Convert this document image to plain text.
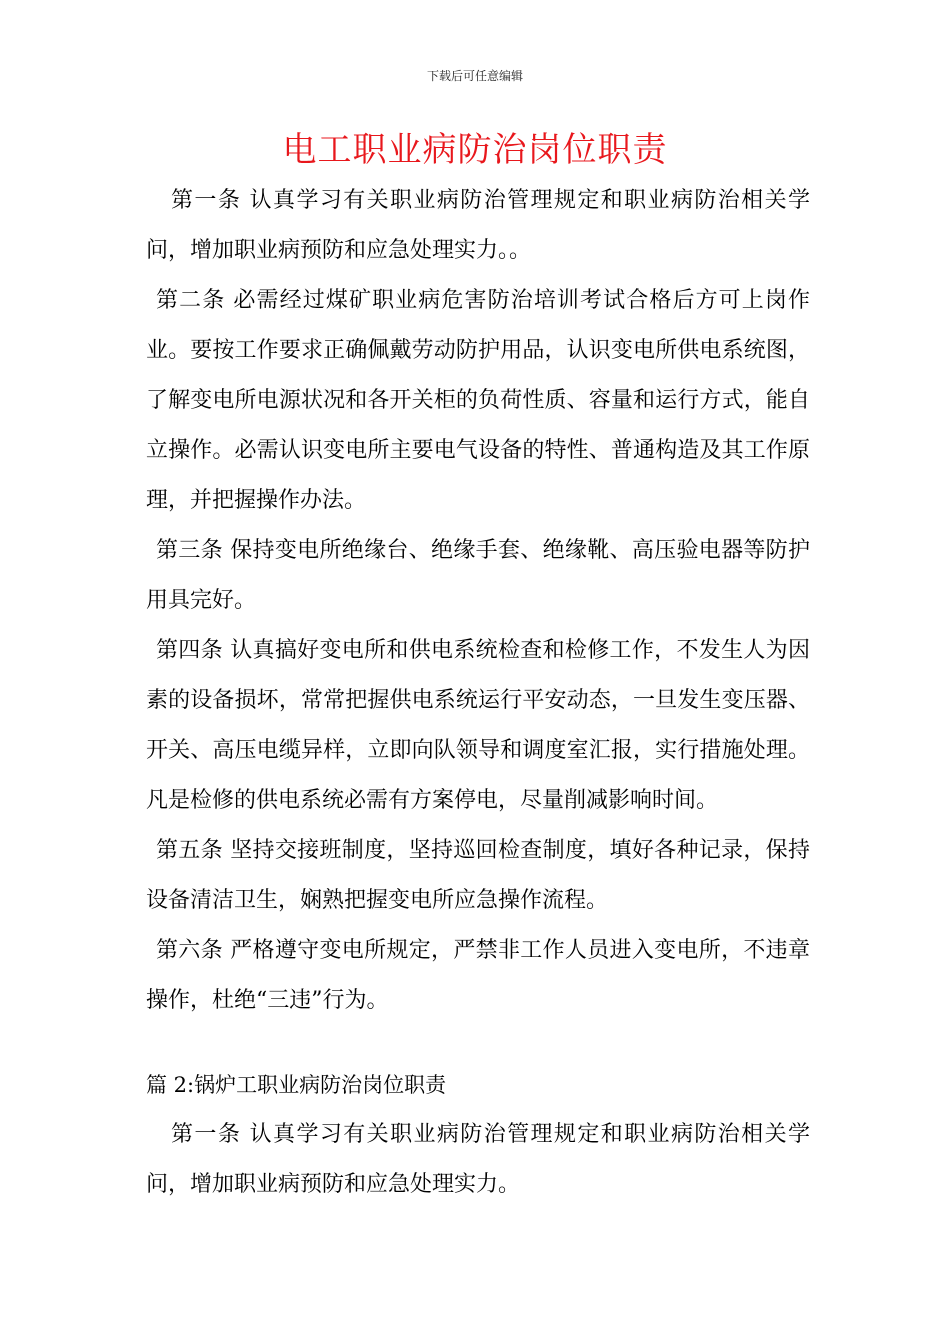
下载后可任意编辑
电工职业病防治岗位职责

第一条 认真学习有关职业病防治管理规定和职业病防治相关学问，增加职业病预防和应急处理实力。。

第二条 必需经过煤矿职业病危害防治培训考试合格后方可上岗作业。要按工作要求正确佩戴劳动防护用品，认识变电所供电系统图，了解变电所电源状况和各开关柜的负荷性质、容量和运行方式，能自立操作。必需认识变电所主要电气设备的特性、普通构造及其工作原理，并把握操作办法。

第三条 保持变电所绝缘台、绝缘手套、绝缘靴、高压验电器等防护用具完好。

第四条 认真搞好变电所和供电系统检查和检修工作，不发生人为因素的设备损坏，常常把握供电系统运行平安动态，一旦发生变压器、开关、高压电缆异样，立即向队领导和调度室汇报，实行措施处理。凡是检修的供电系统必需有方案停电，尽量削减影响时间。

第五条 坚持交接班制度，坚持巡回检查制度，填好各种记录，保持设备清洁卫生，娴熟把握变电所应急操作流程。

第六条 严格遵守变电所规定，严禁非工作人员进入变电所，不违章操作，杜绝“三违”行为。

篇 2:锅炉工职业病防治岗位职责

第一条 认真学习有关职业病防治管理规定和职业病防治相关学问，增加职业病预防和应急处理实力。
